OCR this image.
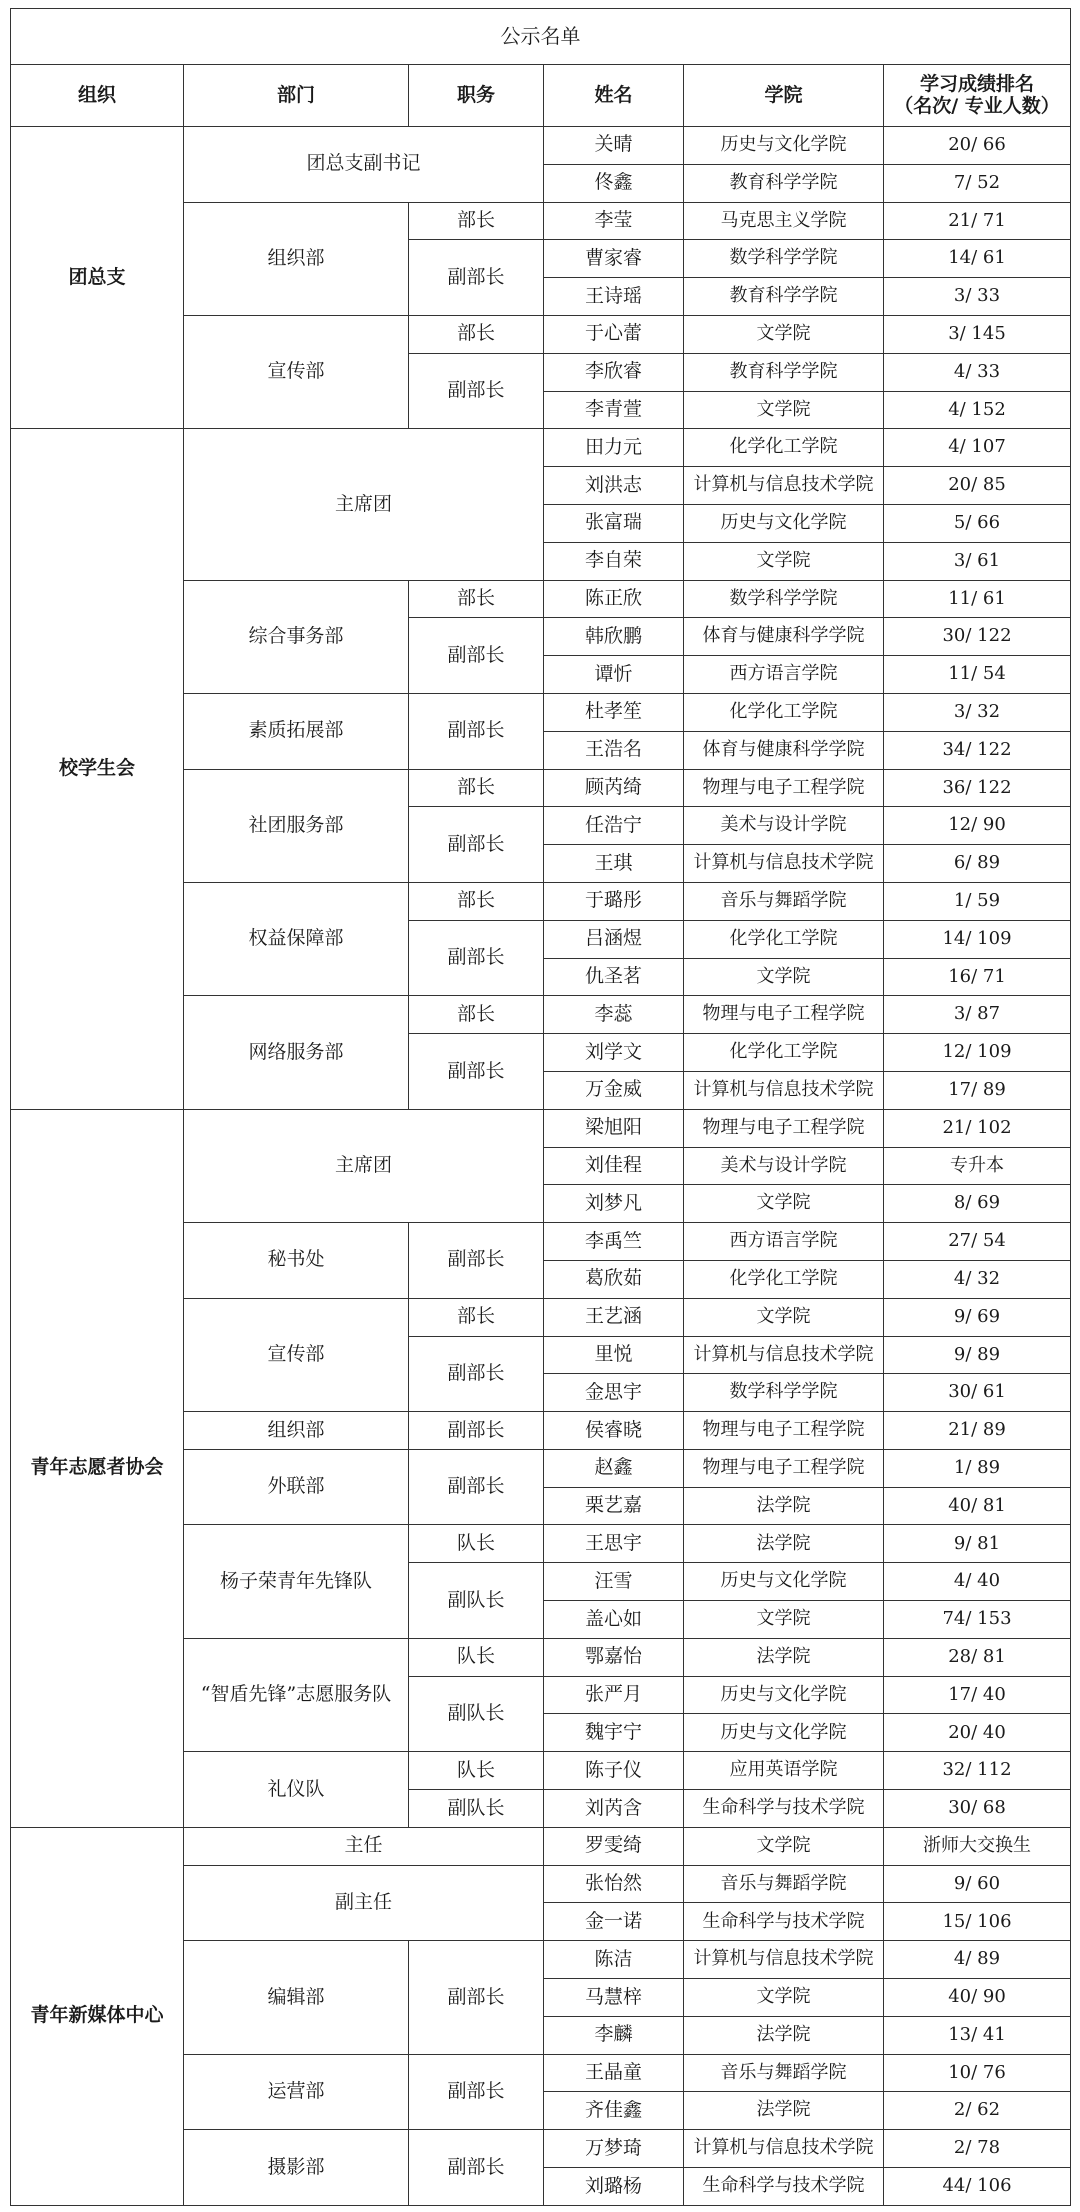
公示名单					
组织	部门	职务	姓名	学院	学习成绩排名
（名次/ 专业人数）

团总支	团总支副书记		关晴	历史与文化学院	20/ 66
			佟鑫	教育科学学院	7/ 52
	组织部	部长	李莹	马克思主义学院	21/ 71
		副部长	曹家睿	数学科学学院	14/ 61
			王诗瑶	教育科学学院	3/ 33
	宣传部	部长	于心蕾	文学院	3/ 145
		副部长	李欣睿	教育科学学院	4/ 33
			李青萱	文学院	4/ 152
校学生会	主席团		田力元	化学化工学院	4/ 107
			刘洪志	计算机与信息技术学院	20/ 85
			张富瑞	历史与文化学院	5/ 66
			李自荣	文学院	3/ 61
	综合事务部	部长	陈正欣	数学科学学院	11/ 61
		副部长	韩欣鹏	体育与健康科学学院	30/ 122
			谭忻	西方语言学院	11/ 54
	素质拓展部	副部长	杜孝笙	化学化工学院	3/ 32
			王浩名	体育与健康科学学院	34/ 122
	社团服务部	部长	顾芮绮	物理与电子工程学院	36/ 122
		副部长	任浩宁	美术与设计学院	12/ 90
			王琪	计算机与信息技术学院	6/ 89
	权益保障部	部长	于璐彤	音乐与舞蹈学院	1/ 59
		副部长	吕涵煜	化学化工学院	14/ 109
			仇圣茗	文学院	16/ 71
	网络服务部	部长	李蕊	物理与电子工程学院	3/ 87
		副部长	刘学文	化学化工学院	12/ 109
			万金威	计算机与信息技术学院	17/ 89
青年志愿者协会	主席团		梁旭阳	物理与电子工程学院	21/ 102
			刘佳程	美术与设计学院	专升本
			刘梦凡	文学院	8/ 69
	秘书处	副部长	李禹竺	西方语言学院	27/ 54
			葛欣茹	化学化工学院	4/ 32
	宣传部	部长	王艺涵	文学院	9/ 69
		副部长	里悦	计算机与信息技术学院	9/ 89
			金思宇	数学科学学院	30/ 61
	组织部	副部长	侯睿晓	物理与电子工程学院	21/ 89
	外联部	副部长	赵鑫	物理与电子工程学院	1/ 89
			栗艺嘉	法学院	40/ 81
	杨子荣青年先锋队	队长	王思宇	法学院	9/ 81
		副队长	汪雪	历史与文化学院	4/ 40
			盖心如	文学院	74/ 153
	“智盾先锋”志愿服务队	队长	鄂嘉怡	法学院	28/ 81
		副队长	张严月	历史与文化学院	17/ 40
			魏宇宁	历史与文化学院	20/ 40
	礼仪队	队长	陈子仪	应用英语学院	32/ 112
		副队长	刘芮含	生命科学与技术学院	30/ 68
青年新媒体中心	主任		罗雯绮	文学院	浙师大交换生
	副主任		张怡然	音乐与舞蹈学院	9/ 60
			金一诺	生命科学与技术学院	15/ 106
	编辑部	副部长	陈洁	计算机与信息技术学院	4/ 89
			马慧梓	文学院	40/ 90
			李麟	法学院	13/ 41
	运营部	副部长	王晶童	音乐与舞蹈学院	10/ 76
			齐佳鑫	法学院	2/ 62
	摄影部	副部长	万梦琦	计算机与信息技术学院	2/ 78
			刘璐杨	生命科学与技术学院	44/ 106
